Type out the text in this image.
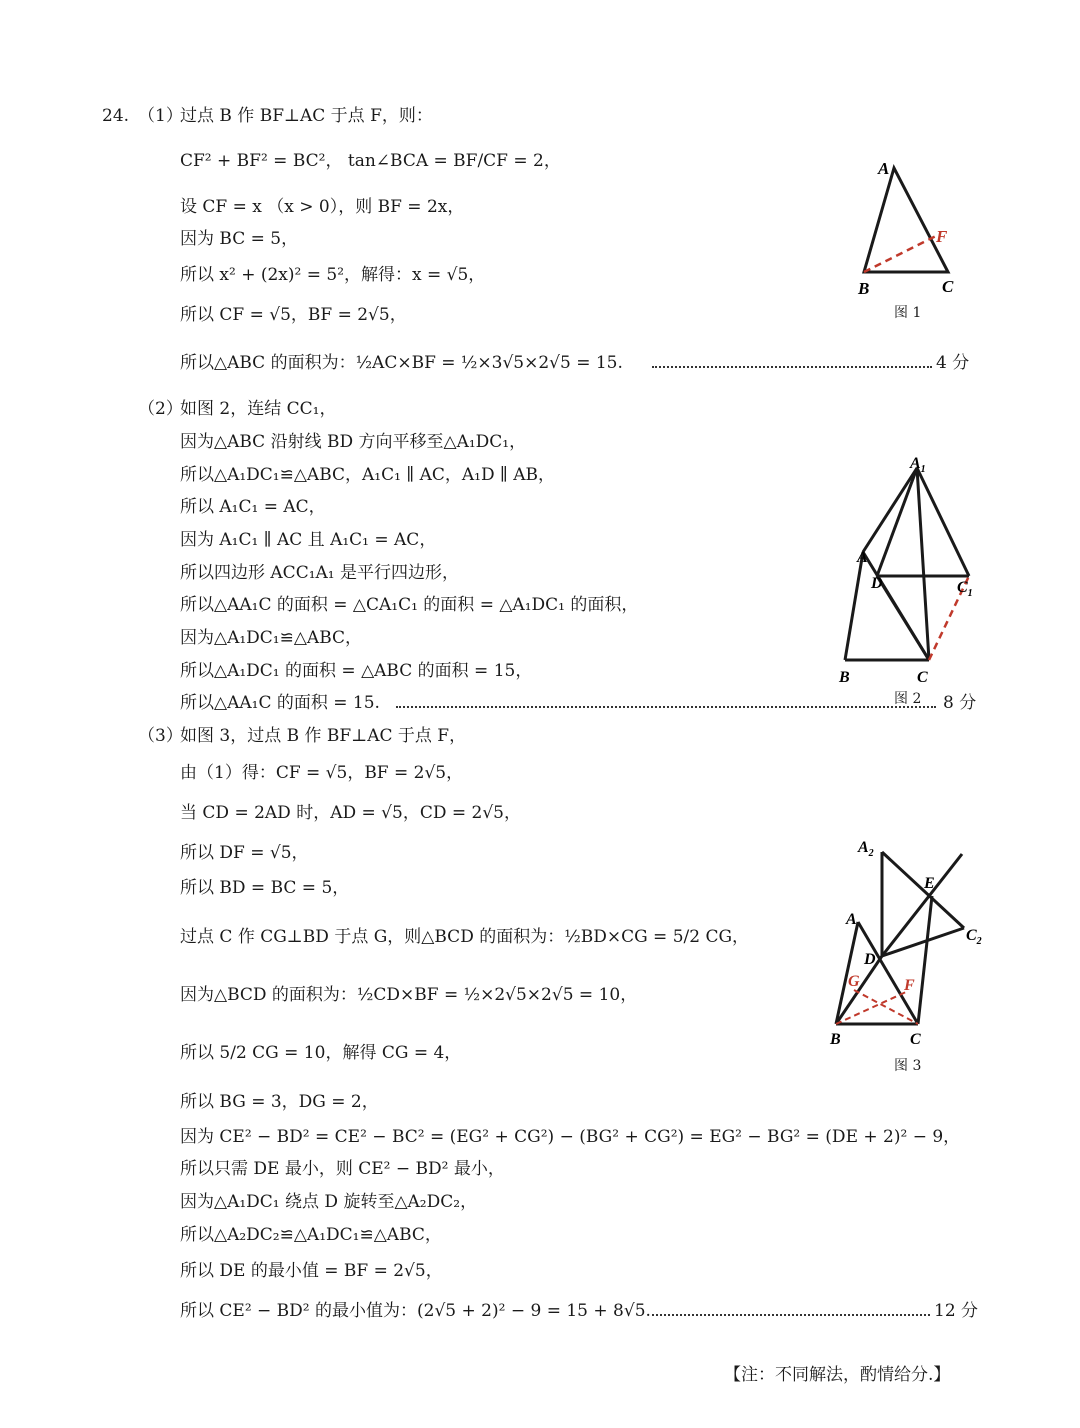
24. （1）
过点 B 作 BF⊥AC 于点 F，则：
CF² + BF² = BC²， tan∠BCA = BF/CF = 2，
设 CF = x （x > 0），则 BF = 2x，
因为 BC = 5，
所以 x² + (2x)² = 5²，解得：x = √5，
所以 CF = √5，BF = 2√5，
所以△ABC 的面积为：½AC×BF = ½×3√5×2√5 = 15.	4 分
A
F
B	C
图 1
（2）
如图 2，连结 CC₁，
因为△ABC 沿射线 BD 方向平移至△A₁DC₁，
所以△A₁DC₁≌△ABC，A₁C₁ ∥ AC，A₁D ∥ AB，
所以 A₁C₁ = AC，
因为 A₁C₁ ∥ AC 且 A₁C₁ = AC，
所以四边形 ACC₁A₁ 是平行四边形，
所以△AA₁C 的面积 = △CA₁C₁ 的面积 = △A₁DC₁ 的面积，
因为△A₁DC₁≌△ABC，
所以△A₁DC₁ 的面积 = △ABC 的面积 = 15，
所以△AA₁C 的面积 = 15.	8 分
$A_1$
A
D	$C_1$
B	C
图 2
（3）
如图 3，过点 B 作 BF⊥AC 于点 F，
由（1）得：CF = √5，BF = 2√5，
当 CD = 2AD 时，AD = √5，CD = 2√5，
所以 DF = √5，
所以 BD = BC = 5，
过点 C 作 CG⊥BD 于点 G，则△BCD 的面积为：½BD×CG = 5/2 CG，
因为△BCD 的面积为：½CD×BF = ½×2√5×2√5 = 10，
所以 5/2 CG = 10，解得 CG = 4，
所以 BG = 3，DG = 2，
因为 CE² − BD² = CE² − BC² = (EG² + CG²) − (BG² + CG²) = EG² − BG² = (DE + 2)² − 9，
所以只需 DE 最小，则 CE² − BD² 最小，
因为△A₁DC₁ 绕点 D 旋转至△A₂DC₂，
所以△A₂DC₂≌△A₁DC₁≌△ABC，
所以 DE 的最小值 = BF = 2√5，
所以 CE² − BD² 的最小值为：(2√5 + 2)² − 9 = 15 + 8√5.	12 分
$A_2$
E
A
$C_2$
D
G	F
B	C
图 3
【注：不同解法，酌情给分.】
